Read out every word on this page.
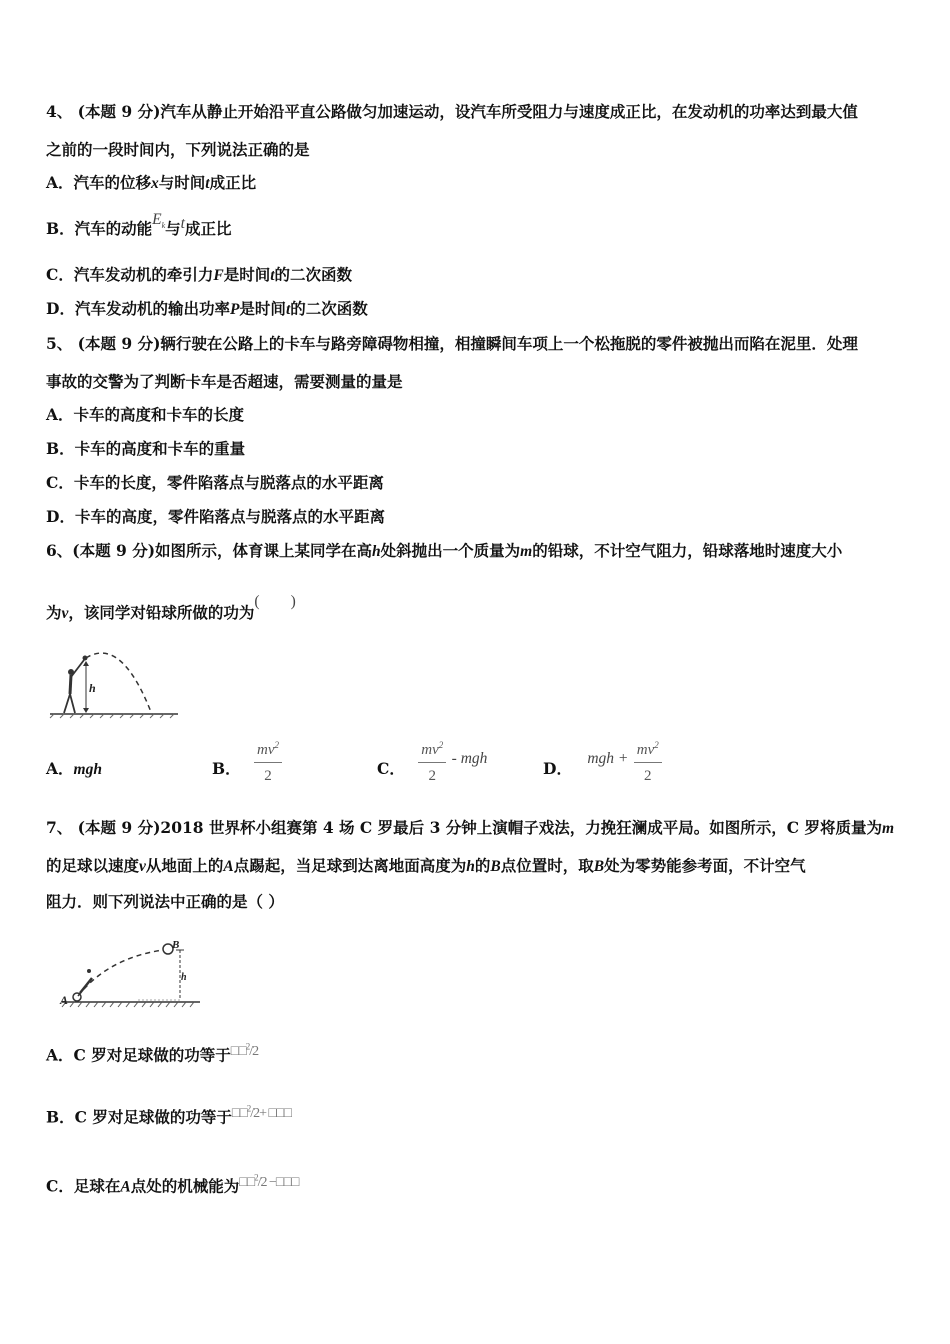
4、 (本题 9 分)汽车从静止开始沿平直公路做匀加速运动，设汽车所受阻力与速度成正比，在发动机的功率达到最大值
之前的一段时间内，下列说法正确的是
A．汽车的位移x与时间t成正比
B．汽车的动能$E_k$与t成正比
C．汽车发动机的牵引力F是时间t的二次函数
D．汽车发动机的输出功率P是时间t的二次函数
5、 (本题 9 分)辆行驶在公路上的卡车与路旁障碍物相撞，相撞瞬间车项上一个松拖脱的零件被抛出而陷在泥里．处理
事故的交警为了判断卡车是否超速，需要测量的量是
A．卡车的高度和卡车的长度
B．卡车的高度和卡车的重量
C．卡车的长度，零件陷落点与脱落点的水平距离
D．卡车的高度，零件陷落点与脱落点的水平距离
6、(本题 9 分)如图所示，体育课上某同学在高h处斜抛出一个质量为m的铅球，不计空气阻力，铅球落地时速度大小
为v，该同学对铅球所做的功为(　　)
h
A．mgh	B． $\frac{mv^2}{2}$	C． $\frac{mv^2}{2}$ - mgh
D． mgh + $\frac{mv^2}{2}$
7、 (本题 9 分)2018 世界杯小组赛第 4 场 C 罗最后 3 分钟上演帽子戏法，力挽狂澜成平局。如图所示，C 罗将质量为m
的足球以速度v从地面上的A点踢起，当足球到达离地面高度为h的B点位置时，取B处为零势能参考面，不计空气
阻力．则下列说法中正确的是（ ）
A
B
h
A．C 罗对足球做的功等于□□$^2$/2
B．C 罗对足球做的功等于□□$^2$/2+ □□□
C．足球在A点处的机械能为□□$^2$/2 −□□□
